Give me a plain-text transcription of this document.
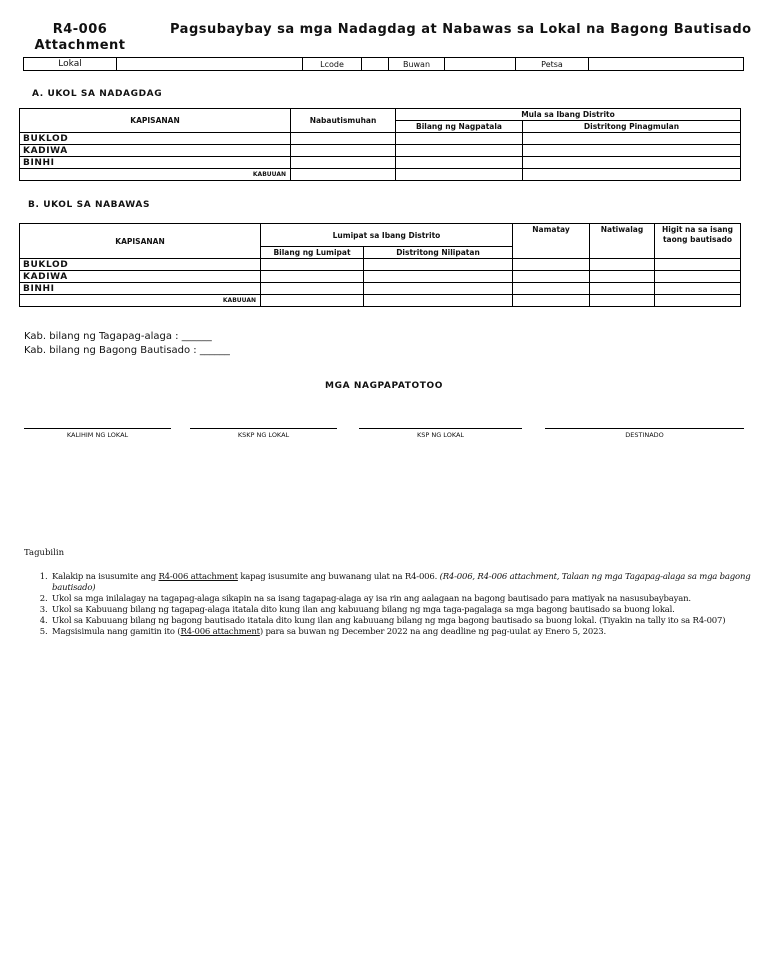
R4-006
Attachment
Pagsubaybay sa mga Nadagdag at Nabawas sa Lokal na Bagong Bautisado
Lokal		Lcode		Buwan		Petsa	
A. UKOL SA NADAGDAG
KAPISANAN	Nabautismuhan	Mula sa Ibang Distrito	
		Bilang ng Nagpatala	Distritong Pinagmulan
BUKLOD			
KADIWA			
BINHI			
KABUUAN			
B. UKOL SA NABAWAS
KAPISANAN	Lumipat sa Ibang Distrito		Namatay	Natiwalag	Higit na sa isang taong bautisado
	Bilang ng Lumipat	Distritong Nilipatan			
BUKLOD					
KADIWA					
BINHI					
KABUUAN					
Kab. bilang ng Tagapag-alaga : ______
Kab. bilang ng Bagong Bautisado : ______
MGA NAGPAPATOTOO
KALIHIM NG LOKAL	KSKP NG LOKAL	KSP NG LOKAL	DESTINADO
Tagubilin
1. Kalakip na isusumite ang R4-006 attachment kapag isusumite ang buwanang ulat na R4-006. (R4-006, R4-006 attachment, Talaan ng mga Tagapag-alaga sa mga bagong bautisado)
2. Ukol sa mga inilalagay na tagapag-alaga sikapin na sa isang tagapag-alaga ay isa rin ang aalagaan na bagong bautisado para matiyak na nasusubaybayan.
3. Ukol sa Kabuuang bilang ng tagapag-alaga itatala dito kung ilan ang kabuuang bilang ng mga taga-pagalaga sa mga bagong bautisado sa buong lokal.
4. Ukol sa Kabuuang bilang ng bagong bautisado itatala dito kung ilan ang kabuuang bilang ng mga bagong bautisado sa buong lokal. (Tiyakin na tally ito sa R4-007)
5. Magsisimula nang gamitin ito (R4-006 attachment) para sa buwan ng December 2022 na ang deadline ng pag-uulat ay Enero 5, 2023.
